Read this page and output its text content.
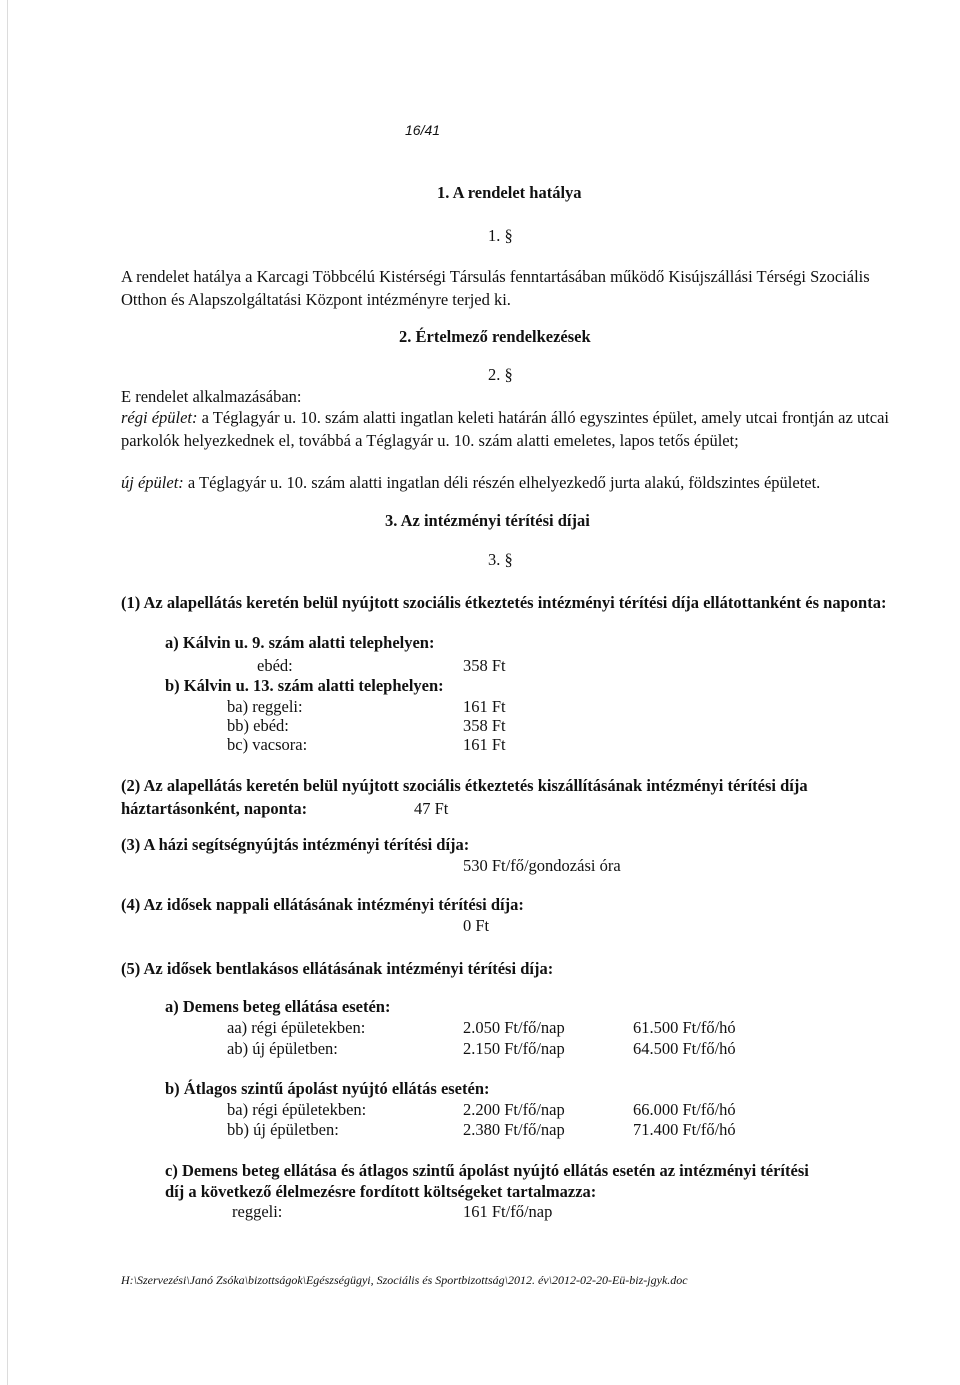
16/41
1. A rendelet hatálya
1. §
A rendelet hatálya a Karcagi Többcélú Kistérségi Társulás fenntartásában működő Kisújszállási Térségi Szociális Otthon és Alapszolgáltatási Központ intézményre terjed ki.
2. Értelmező rendelkezések
2. §
E rendelet alkalmazásában:
régi épület: a Téglagyár u. 10. szám alatti ingatlan keleti határán álló egyszintes épület, amely utcai frontján az utcai parkolók helyezkednek el, továbbá a Téglagyár u. 10. szám alatti emeletes, lapos tetős épület;
új épület: a Téglagyár u. 10. szám alatti ingatlan déli részén elhelyezkedő jurta alakú, földszintes épületet.
3. Az intézményi térítési díjai
3. §
(1) Az alapellátás keretén belül nyújtott szociális étkeztetés intézményi térítési díja ellátottanként és naponta:
a) Kálvin u. 9. szám alatti telephelyen:
ebéd:	358 Ft
b) Kálvin u. 13. szám alatti telephelyen:
ba) reggeli:	161 Ft
bb) ebéd:	358 Ft
bc) vacsora:	161 Ft
(2) Az alapellátás keretén belül nyújtott szociális étkeztetés kiszállításának intézményi térítési díja
háztartásonként, naponta:	47 Ft
(3) A házi segítségnyújtás intézményi térítési díja:
530 Ft/fő/gondozási óra
(4) Az idősek nappali ellátásának intézményi térítési díja:
0 Ft
(5) Az idősek bentlakásos ellátásának intézményi térítési díja:
a) Demens beteg ellátása esetén:
aa) régi épületekben:	2.050 Ft/fő/nap	61.500 Ft/fő/hó
ab) új épületben:	2.150 Ft/fő/nap	64.500 Ft/fő/hó
b) Átlagos szintű ápolást nyújtó ellátás esetén:
ba) régi épületekben:	2.200 Ft/fő/nap	66.000 Ft/fő/hó
bb) új épületben:	2.380 Ft/fő/nap	71.400 Ft/fő/hó
c) Demens beteg ellátása és átlagos szintű ápolást nyújtó ellátás esetén az intézményi térítési
díj a következő élelmezésre fordított költségeket tartalmazza:
reggeli:	161 Ft/fő/nap
H:\Szervezési\Janó Zsóka\bizottságok\Egészségügyi, Szociális és Sportbizottság\2012. év\2012-02-20-Eü-biz-jgyk.doc
